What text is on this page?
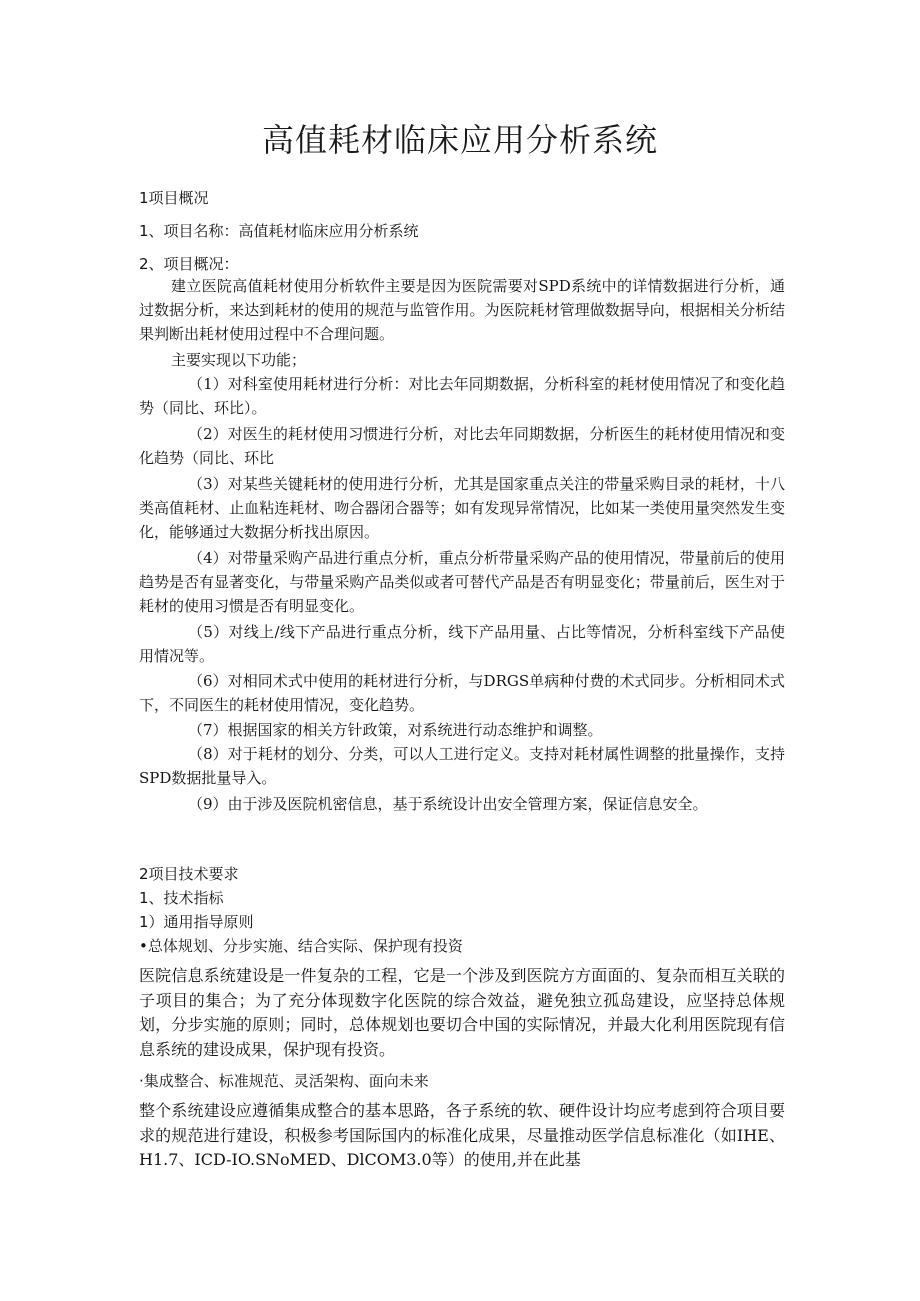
高值耗材临床应用分析系统
1项目概况
1、项目名称：高值耗材临床应用分析系统
2、项目概况：
建立医院高值耗材使用分析软件主要是因为医院需要对SPD系统中的详情数据进行分析，通过数据分析，来达到耗材的使用的规范与监管作用。为医院耗材管理做数据导向，根据相关分析结果判断出耗材使用过程中不合理问题。
主要实现以下功能；
（1）对科室使用耗材进行分析：对比去年同期数据，分析科室的耗材使用情况了和变化趋势（同比、环比）。
（2）对医生的耗材使用习惯进行分析，对比去年同期数据，分析医生的耗材使用情况和变化趋势（同比、环比
（3）对某些关键耗材的使用进行分析，尤其是国家重点关注的带量采购目录的耗材，十八类高值耗材、止血粘连耗材、吻合器闭合器等；如有发现异常情况，比如某一类使用量突然发生变化，能够通过大数据分析找出原因。
（4）对带量采购产品进行重点分析，重点分析带量采购产品的使用情况，带量前后的使用趋势是否有显著变化，与带量采购产品类似或者可替代产品是否有明显变化；带量前后，医生对于耗材的使用习惯是否有明显变化。
（5）对线上/线下产品进行重点分析，线下产品用量、占比等情况，分析科室线下产品使用情况等。
（6）对相同术式中使用的耗材进行分析，与DRGS单病种付费的术式同步。分析相同术式下，不同医生的耗材使用情况，变化趋势。
（7）根据国家的相关方针政策，对系统进行动态维护和调整。
（8）对于耗材的划分、分类，可以人工进行定义。支持对耗材属性调整的批量操作，支持SPD数据批量导入。
（9）由于涉及医院机密信息，基于系统设计出安全管理方案，保证信息安全。
2项目技术要求
1、技术指标
1）通用指导原则
•总体规划、分步实施、结合实际、保护现有投资
医院信息系统建设是一件复杂的工程，它是一个涉及到医院方方面面的、复杂而相互关联的子项目的集合；为了充分体现数字化医院的综合效益，避免独立孤岛建设，应坚持总体规划，分步实施的原则；同时，总体规划也要切合中国的实际情况，并最大化利用医院现有信息系统的建设成果，保护现有投资。
·集成整合、标准规范、灵活架构、面向未来
整个系统建设应遵循集成整合的基本思路，各子系统的软、硬件设计均应考虑到符合项目要求的规范进行建设，积极参考国际国内的标准化成果，尽量推动医学信息标准化（如IHE、H1.7、ICD-IO.SNoMED、DlCOM3.0等）的使用,并在此基
